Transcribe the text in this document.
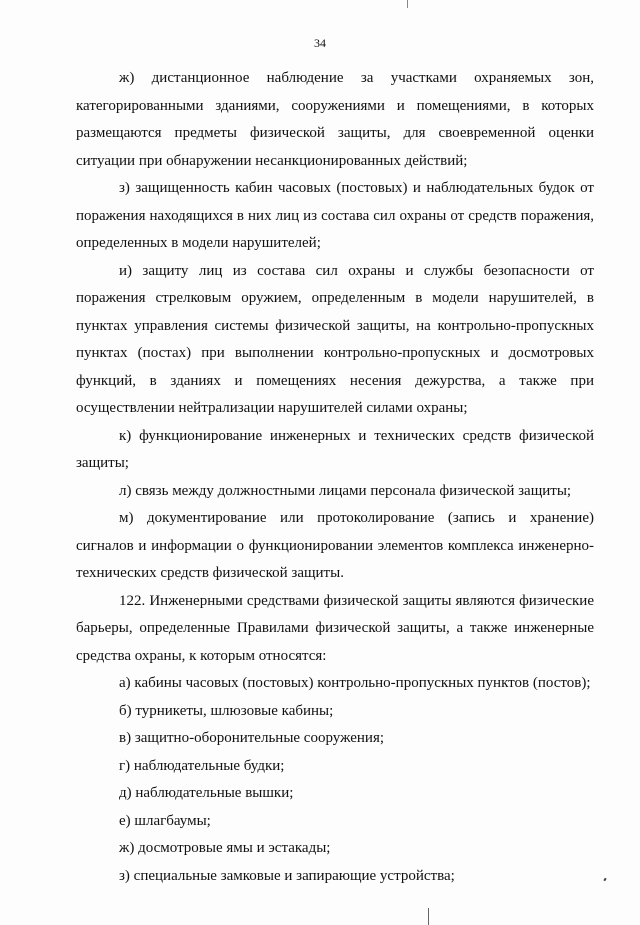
34

ж) дистанционное наблюдение за участками охраняемых зон, категорированными зданиями, сооружениями и помещениями, в которых размещаются предметы физической защиты, для своевременной оценки ситуации при обнаружении несанкционированных действий;

з) защищенность кабин часовых (постовых) и наблюдательных будок от поражения находящихся в них лиц из состава сил охраны от средств поражения, определенных в модели нарушителей;

и) защиту лиц из состава сил охраны и службы безопасности от поражения стрелковым оружием, определенным в модели нарушителей, в пунктах управления системы физической защиты, на контрольно-пропускных пунктах (постах) при выполнении контрольно-пропускных и досмотровых функций, в зданиях и помещениях несения дежурства, а также при осуществлении нейтрализации нарушителей силами охраны;

к) функционирование инженерных и технических средств физической защиты;

л) связь между должностными лицами персонала физической защиты;

м) документирование или протоколирование (запись и хранение) сигналов и информации о функционировании элементов комплекса инженерно-технических средств физической защиты.

122. Инженерными средствами физической защиты являются физические барьеры, определенные Правилами физической защиты, а также инженерные средства охраны, к которым относятся:

а) кабины часовых (постовых) контрольно-пропускных пунктов (постов);

б) турникеты, шлюзовые кабины;

в) защитно-оборонительные сооружения;

г) наблюдательные будки;

д) наблюдательные вышки;

е) шлагбаумы;

ж) досмотровые ямы и эстакады;

з) специальные замковые и запирающие устройства;
